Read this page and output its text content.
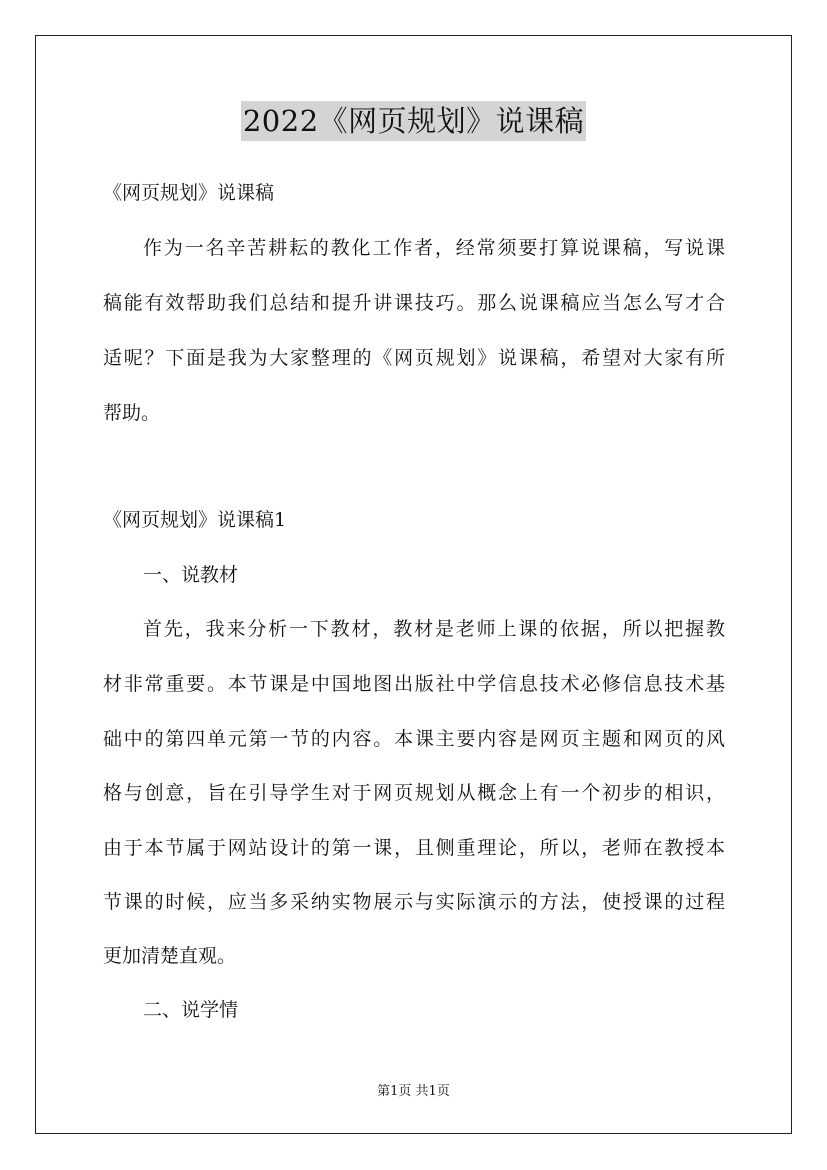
2022《网页规划》说课稿
《网页规划》说课稿
作为一名辛苦耕耘的教化工作者，经常须要打算说课稿，写说课
稿能有效帮助我们总结和提升讲课技巧。那么说课稿应当怎么写才合
适呢？下面是我为大家整理的《网页规划》说课稿，希望对大家有所
帮助。
《网页规划》说课稿1
一、说教材
首先，我来分析一下教材，教材是老师上课的依据，所以把握教
材非常重要。本节课是中国地图出版社中学信息技术必修信息技术基
础中的第四单元第一节的内容。本课主要内容是网页主题和网页的风
格与创意，旨在引导学生对于网页规划从概念上有一个初步的相识，
由于本节属于网站设计的第一课，且侧重理论，所以，老师在教授本
节课的时候，应当多采纳实物展示与实际演示的方法，使授课的过程
更加清楚直观。
二、说学情
第1页 共1页
